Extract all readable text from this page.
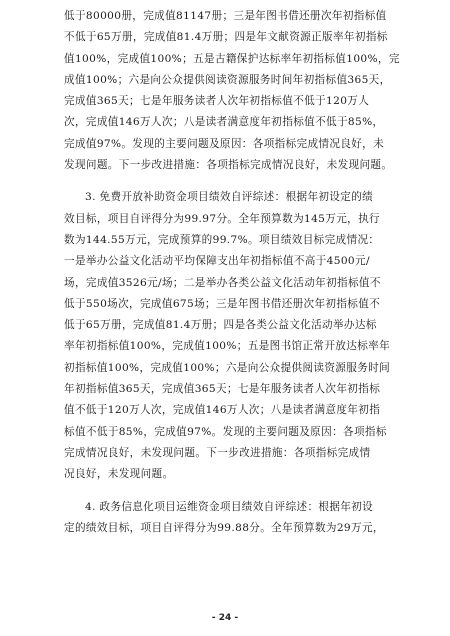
低于80000册，完成值81147册；三是年图书借还册次年初指标值
不低于65万册，完成值81.4万册；四是年文献资源正版率年初指标
值100%，完成值100%；五是古籍保护达标率年初指标值100%，完
成值100%；六是向公众提供阅读资源服务时间年初指标值365天，
完成值365天；七是年服务读者人次年初指标值不低于120万人
次，完成值146万人次；八是读者满意度年初指标值不低于85%，
完成值97%。发现的主要问题及原因：各项指标完成情况良好，未
发现问题。下一步改进措施：各项指标完成情况良好，未发现问题。
3. 免费开放补助资金项目绩效自评综述：根据年初设定的绩
效目标，项目自评得分为99.97分。全年预算数为145万元，执行
数为144.55万元，完成预算的99.7%。项目绩效目标完成情况：
一是举办公益文化活动平均保障支出年初指标值不高于4500元/
场，完成值3526元/场；二是举办各类公益文化活动年初指标值不
低于550场次，完成值675场；三是年图书借还册次年初指标值不
低于65万册，完成值81.4万册；四是各类公益文化活动举办达标
率年初指标值100%，完成值100%；五是图书馆正常开放达标率年
初指标值100%，完成值100%；六是向公众提供阅读资源服务时间
年初指标值365天，完成值365天；七是年服务读者人次年初指标
值不低于120万人次，完成值146万人次；八是读者满意度年初指
标值不低于85%，完成值97%。发现的主要问题及原因：各项指标
完成情况良好，未发现问题。下一步改进措施：各项指标完成情
况良好，未发现问题。
4. 政务信息化项目运维资金项目绩效自评综述：根据年初设
定的绩效目标，项目自评得分为99.88分。全年预算数为29万元，
- 24 -
